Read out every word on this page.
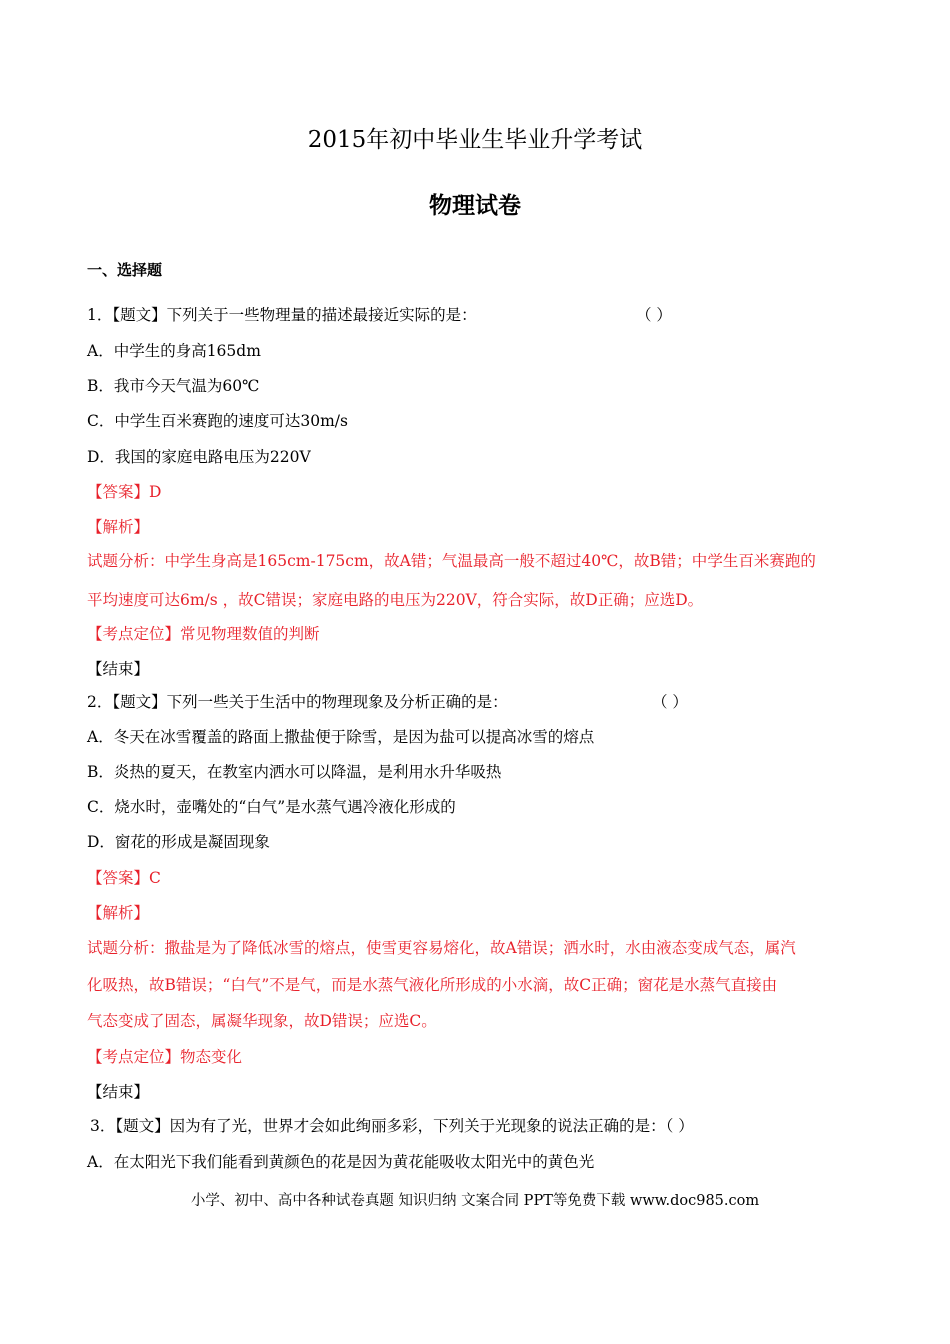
2015年初中毕业生毕业升学考试
物理试卷
一、选择题
1．【题文】下列关于一些物理量的描述最接近实际的是：	（ ）
A．中学生的身高165dm
B．我市今天气温为60℃
C．中学生百米赛跑的速度可达30m/s
D．我国的家庭电路电压为220V
【答案】D
【解析】
试题分析：中学生身高是165cm-175cm，故A错；气温最高一般不超过40℃，故B错；中学生百米赛跑的
平均速度可达6m/s ，故C错误；家庭电路的电压为220V，符合实际，故D正确；应选D。
【考点定位】常见物理数值的判断
【结束】
2．【题文】下列一些关于生活中的物理现象及分析正确的是：	（ ）
A．冬天在冰雪覆盖的路面上撒盐便于除雪，是因为盐可以提高冰雪的熔点
B．炎热的夏天，在教室内洒水可以降温，是利用水升华吸热
C．烧水时，壶嘴处的“白气”是水蒸气遇冷液化形成的
D．窗花的形成是凝固现象
【答案】C
【解析】
试题分析：撒盐是为了降低冰雪的熔点，使雪更容易熔化，故A错误；洒水时，水由液态变成气态，属汽
化吸热，故B错误；“白气”不是气，而是水蒸气液化所形成的小水滴，故C正确；窗花是水蒸气直接由
气态变成了固态，属凝华现象，故D错误；应选C。
【考点定位】物态变化
【结束】
3．【题文】因为有了光，世界才会如此绚丽多彩，下列关于光现象的说法正确的是：（ ）
A．在太阳光下我们能看到黄颜色的花是因为黄花能吸收太阳光中的黄色光
小学、初中、高中各种试卷真题 知识归纳 文案合同 PPT等免费下载 www.doc985.com
